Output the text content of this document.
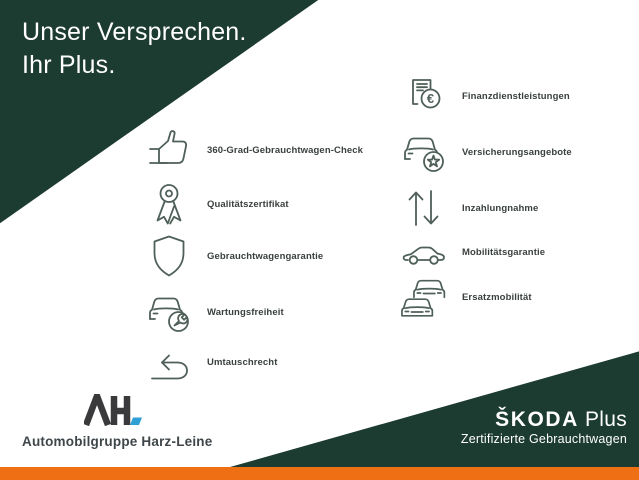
Unser Versprechen.
Ihr Plus.
360-Grad-Gebrauchtwagen-Check
Qualitätszertifikat
Gebrauchtwagengarantie
Wartungsfreiheit
Umtauschrecht
€	Finanzdienstleistungen
Versicherungsangebote
Inzahlungnahme
Mobilitätsgarantie
Ersatzmobilität
Automobilgruppe Harz-Leine
ŠKODA Plus
Zertifizierte Gebrauchtwagen
